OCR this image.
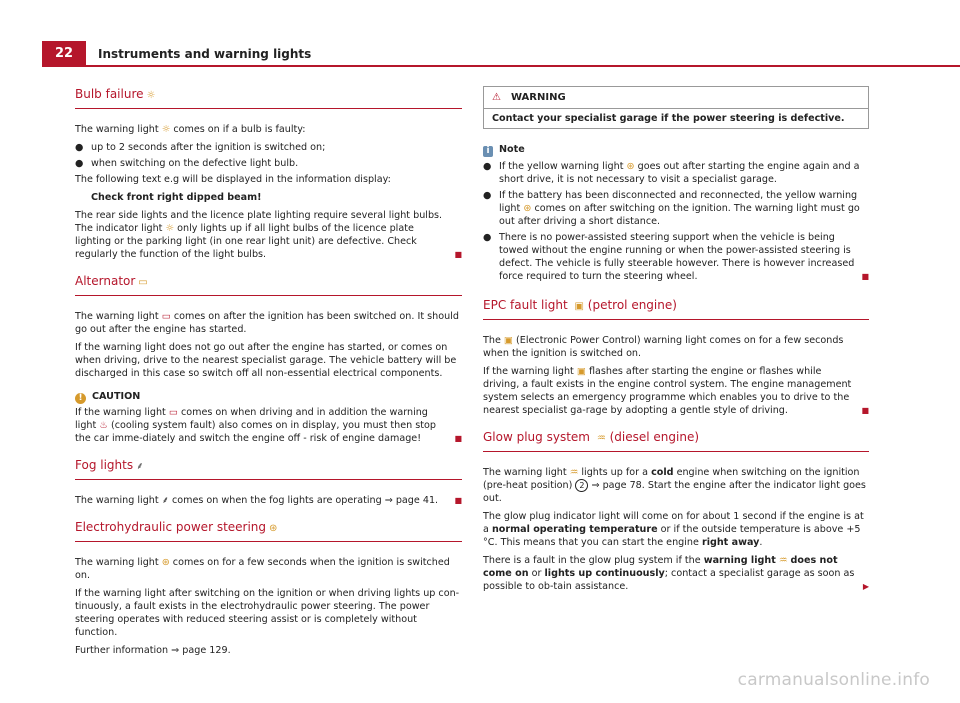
22	Instruments and warning lights
Bulb failure ☼

The warning light ☼ comes on if a bulb is faulty:

● up to 2 seconds after the ignition is switched on;
● when switching on the defective light bulb.

The following text e.g will be displayed in the information display:

Check front right dipped beam!

The rear side lights and the licence plate lighting require several light bulbs. The indicator light ☼ only lights up if all light bulbs of the licence plate lighting or the parking light (in one rear light unit) are defective. Check regularly the function of the light bulbs.	■

Alternator ▭

The warning light ▭ comes on after the ignition has been switched on. It should go out after the engine has started.

If the warning light does not go out after the engine has started, or comes on when driving, drive to the nearest specialist garage. The vehicle battery will be discharged in this case so switch off all non-essential electrical components.

! CAUTION

If the warning light ▭ comes on when driving and in addition the warning light ♨ (cooling system fault) also comes on in display, you must then stop the car imme-diately and switch the engine off - risk of engine damage!	■

Fog lights ⸙

The warning light ⸙ comes on when the fog lights are operating ⇒ page 41. ■

Electrohydraulic power steering ⊛

The warning light ⊛ comes on for a few seconds when the ignition is switched on.

If the warning light after switching on the ignition or when driving lights up con-tinuously, a fault exists in the electrohydraulic power steering. The power steering operates with reduced steering assist or is completely without function.

Further information ⇒ page 129.

⚠ WARNING
Contact your specialist garage if the power steering is defective.
i Note
● If the yellow warning light ⊛ goes out after starting the engine again and a short drive, it is not necessary to visit a specialist garage.
● If the battery has been disconnected and reconnected, the yellow warning light ⊛ comes on after switching on the ignition. The warning light must go out after driving a short distance.
● There is no power-assisted steering support when the vehicle is being towed without the engine running or when the power-assisted steering is defect. The vehicle is fully steerable however. There is however increased force required to turn the steering wheel.	■
EPC fault light ▣ (petrol engine)

The ▣ (Electronic Power Control) warning light comes on for a few seconds when the ignition is switched on.

If the warning light ▣ flashes after starting the engine or flashes while driving, a fault exists in the engine control system. The engine management system selects an emergency programme which enables you to drive to the nearest specialist ga-rage by adopting a gentle style of driving.	■

Glow plug system ♒ (diesel engine)

The warning light ♒ lights up for a cold engine when switching on the ignition (pre-heat position) 2 ⇒ page 78. Start the engine after the indicator light goes out.

The glow plug indicator light will come on for about 1 second if the engine is at a normal operating temperature or if the outside temperature is above +5 °C. This means that you can start the engine right away.

There is a fault in the glow plug system if the warning light ♒ does not come on or lights up continuously; contact a specialist garage as soon as possible to ob-tain assistance.	▶

carmanualsonline.info
